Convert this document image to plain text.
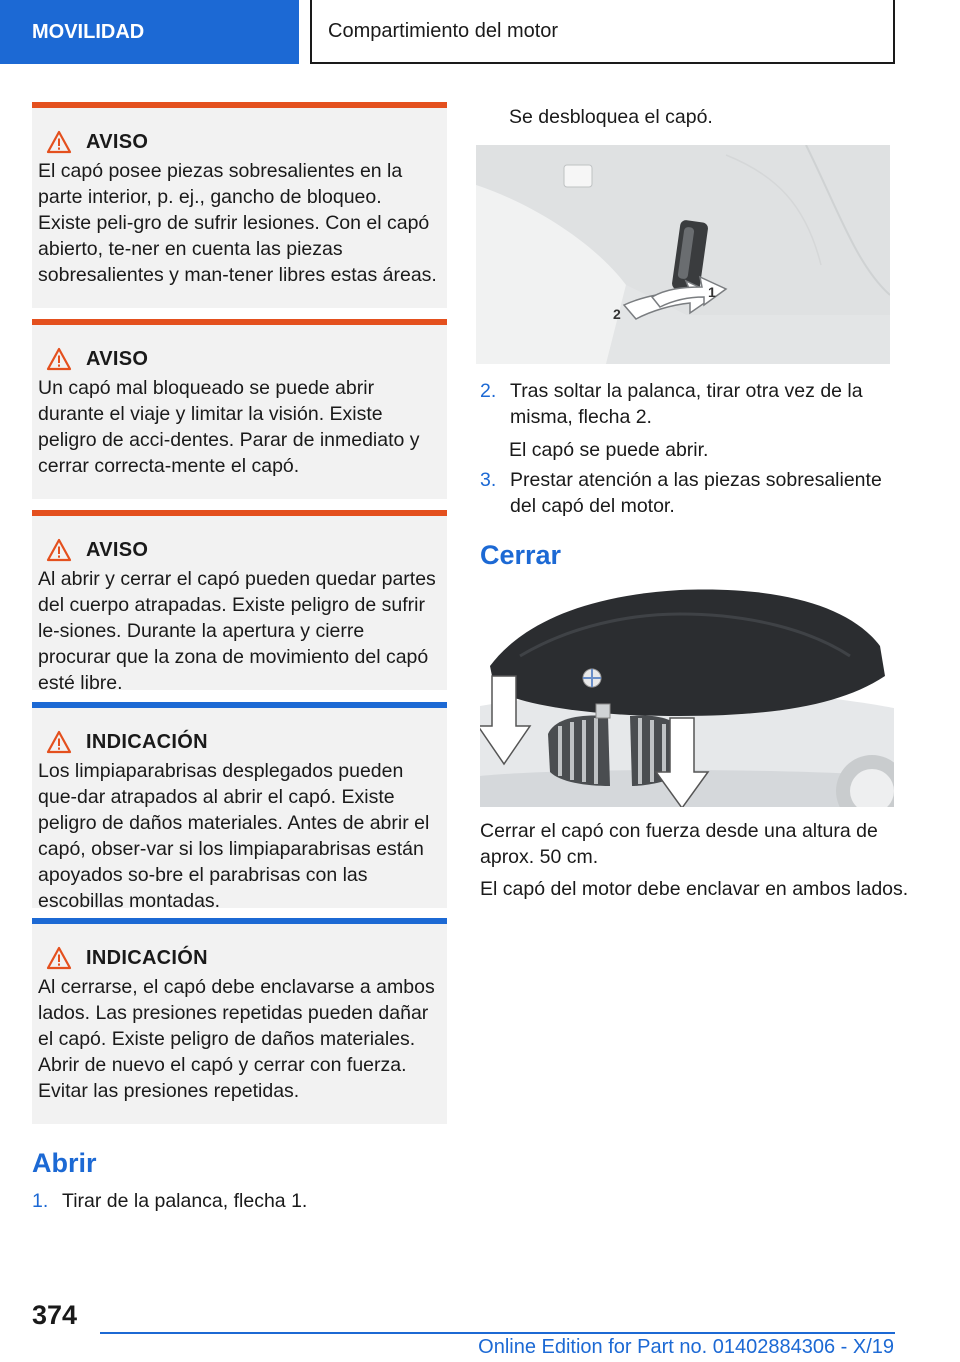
MOVILIDAD	Compartimiento del motor
AVISO
El capó posee piezas sobresalientes en la parte interior, p. ej., gancho de bloqueo. Existe peli-gro de sufrir lesiones. Con el capó abierto, te-ner en cuenta las piezas sobresalientes y man-tener libres estas áreas.
AVISO
Un capó mal bloqueado se puede abrir durante el viaje y limitar la visión. Existe peligro de acci-dentes. Parar de inmediato y cerrar correcta-mente el capó.
AVISO
Al abrir y cerrar el capó pueden quedar partes del cuerpo atrapadas. Existe peligro de sufrir le-siones. Durante la apertura y cierre procurar que la zona de movimiento del capó esté libre.
INDICACIÓN
Los limpiaparabrisas desplegados pueden que-dar atrapados al abrir el capó. Existe peligro de daños materiales. Antes de abrir el capó, obser-var si los limpiaparabrisas están apoyados so-bre el parabrisas con las escobillas montadas.
INDICACIÓN
Al cerrarse, el capó debe enclavarse a ambos lados. Las presiones repetidas pueden dañar el capó. Existe peligro de daños materiales. Abrir de nuevo el capó y cerrar con fuerza. Evitar las presiones repetidas.
Abrir
1. Tirar de la palanca, flecha 1.
Se desbloquea el capó.
1
2
2. Tras soltar la palanca, tirar otra vez de la misma, flecha 2.
El capó se puede abrir.
3. Prestar atención a las piezas sobresaliente del capó del motor.
Cerrar
Cerrar el capó con fuerza desde una altura de aprox. 50 cm.
El capó del motor debe enclavar en ambos lados.
374
Online Edition for Part no. 01402884306 - X/19
